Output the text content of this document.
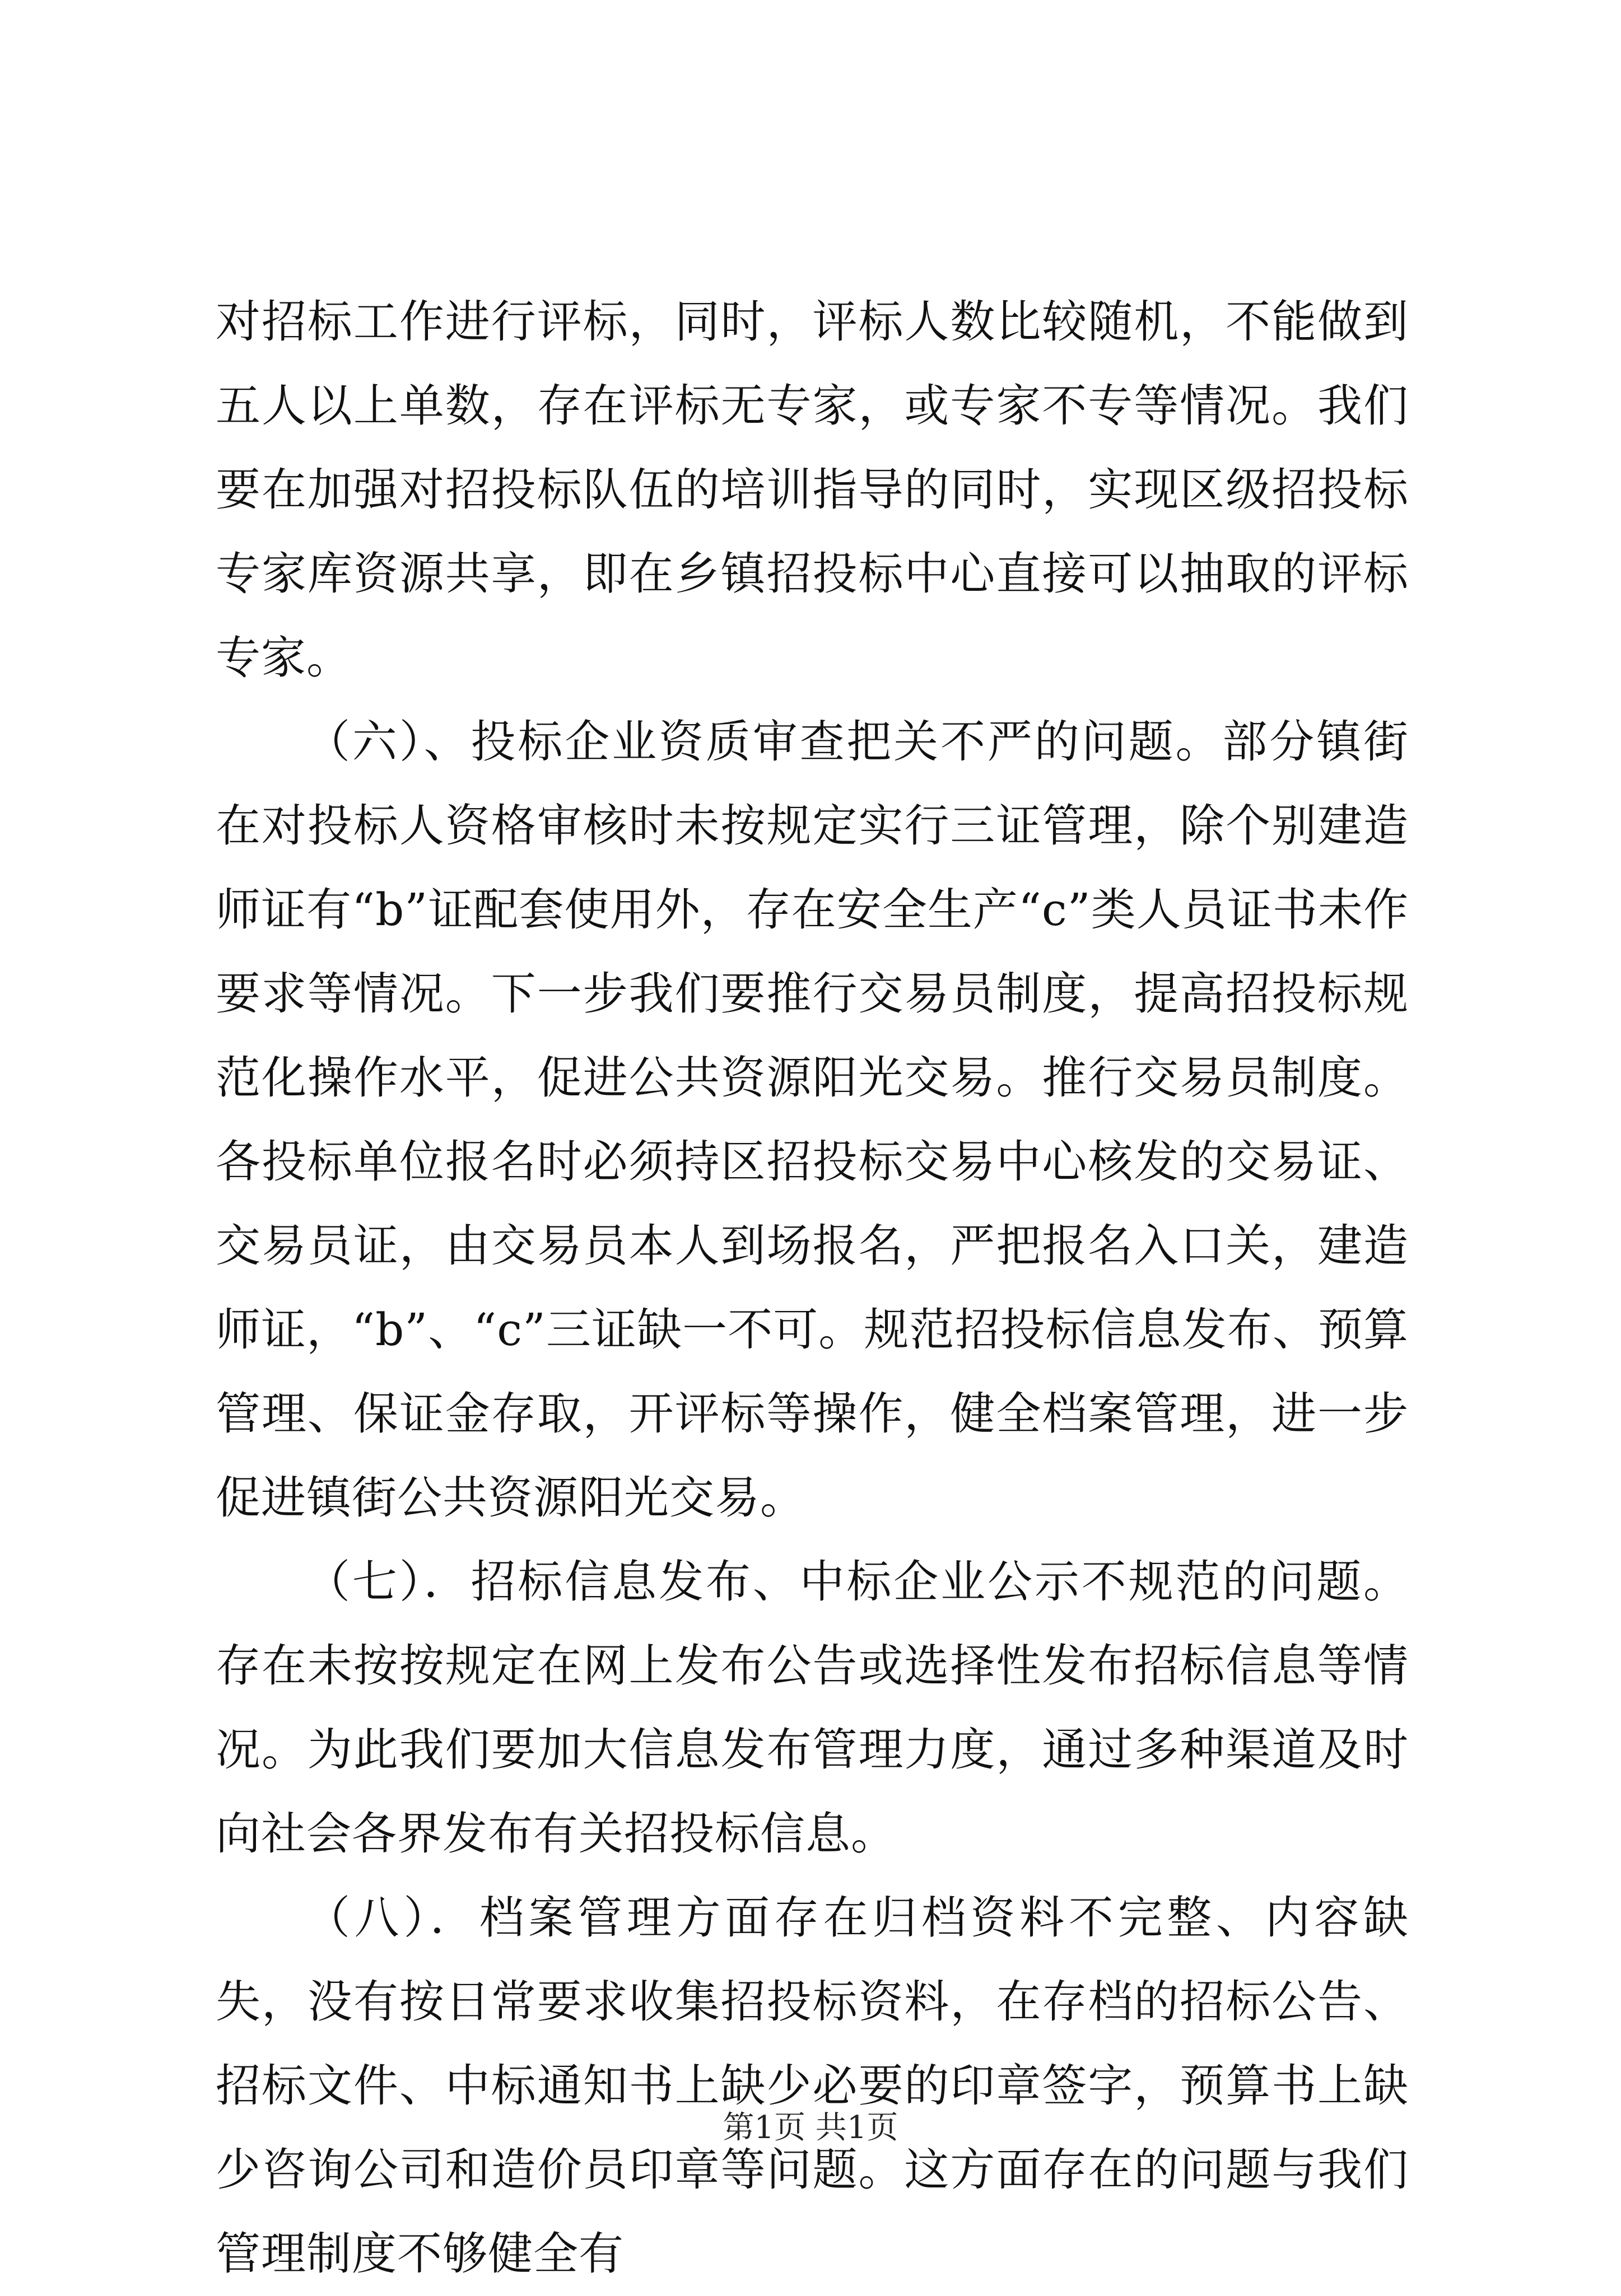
对招标工作进行评标，同时，评标人数比较随机，不能做到五人以上单数，存在评标无专家，或专家不专等情况。我们要在加强对招投标队伍的培训指导的同时，实现区级招投标专家库资源共享，即在乡镇招投标中心直接可以抽取的评标专家。

（六）、投标企业资质审查把关不严的问题。部分镇街在对投标人资格审核时未按规定实行三证管理，除个别建造师证有“b”证配套使用外，存在安全生产“c”类人员证书未作要求等情况。下一步我们要推行交易员制度，提高招投标规范化操作水平，促进公共资源阳光交易。推行交易员制度。各投标单位报名时必须持区招投标交易中心核发的交易证、交易员证，由交易员本人到场报名，严把报名入口关，建造师证，“b”、“c”三证缺一不可。规范招投标信息发布、预算管理、保证金存取，开评标等操作，健全档案管理，进一步促进镇街公共资源阳光交易。

（七）．招标信息发布、中标企业公示不规范的问题。存在未按按规定在网上发布公告或选择性发布招标信息等情况。为此我们要加大信息发布管理力度，通过多种渠道及时向社会各界发布有关招投标信息。

（八）．档案管理方面存在归档资料不完整、内容缺失，没有按日常要求收集招投标资料，在存档的招标公告、招标文件、中标通知书上缺少必要的印章签字，预算书上缺少咨询公司和造价员印章等问题。这方面存在的问题与我们管理制度不够健全有

第1页 共1页
